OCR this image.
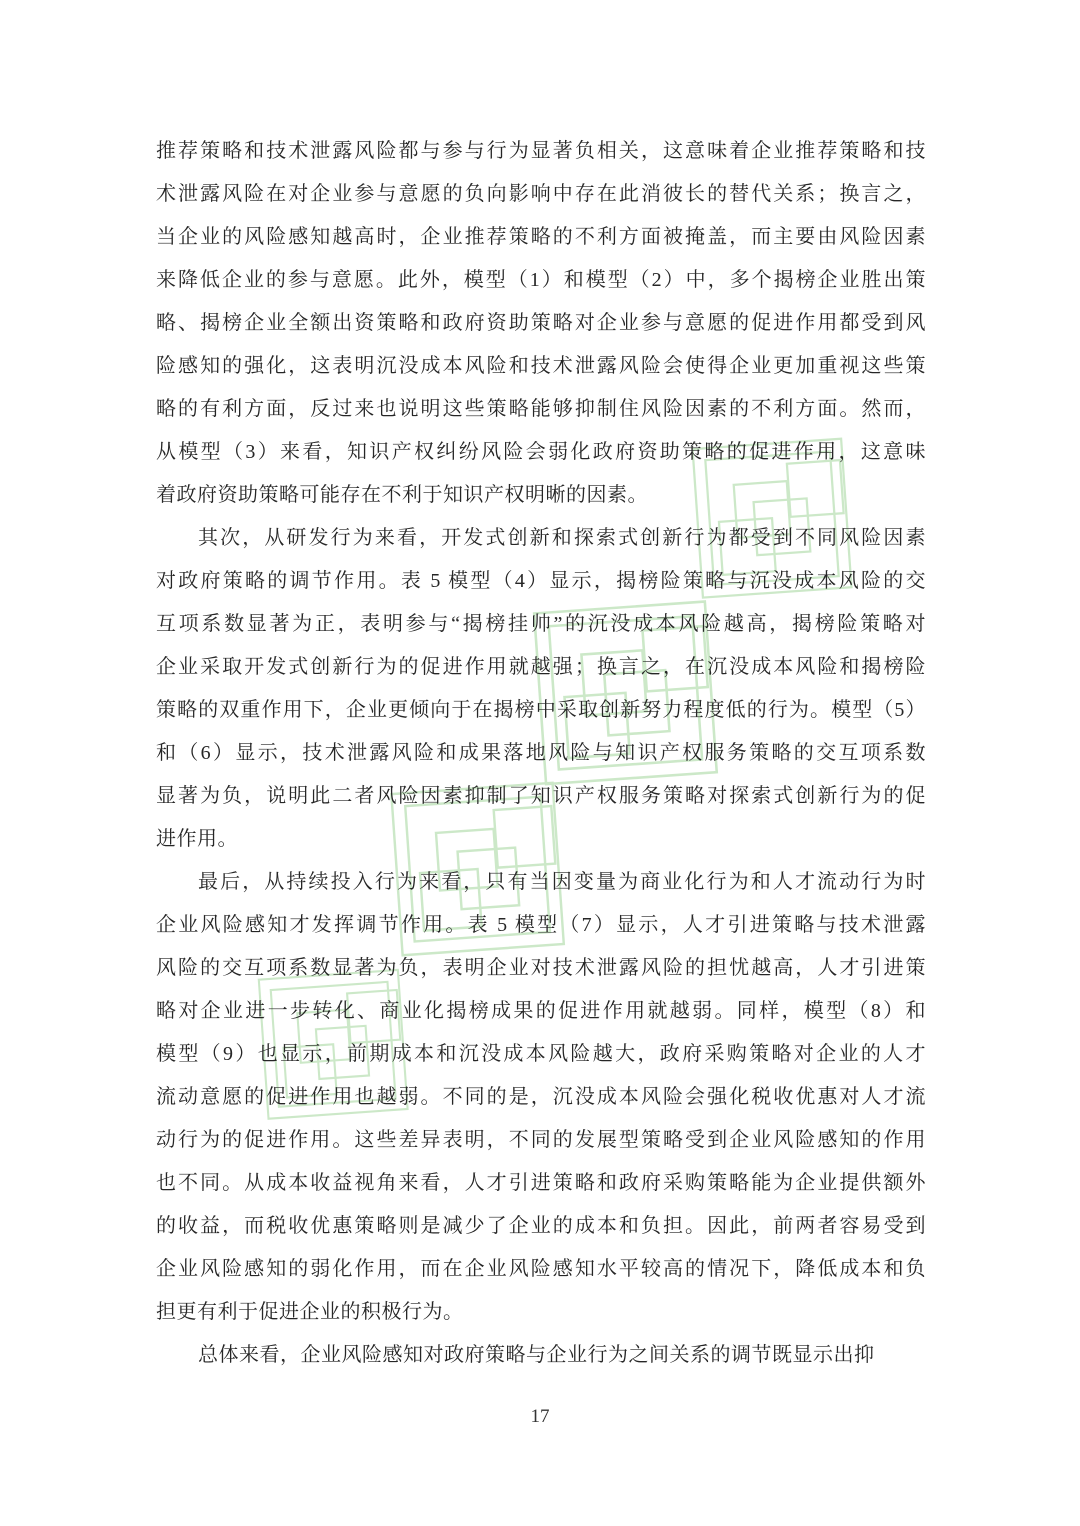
推荐策略和技术泄露风险都与参与行为显著负相关，这意味着企业推荐策略和技
术泄露风险在对企业参与意愿的负向影响中存在此消彼长的替代关系；换言之，
当企业的风险感知越高时，企业推荐策略的不利方面被掩盖，而主要由风险因素
来降低企业的参与意愿。此外，模型（1）和模型（2）中，多个揭榜企业胜出策
略、揭榜企业全额出资策略和政府资助策略对企业参与意愿的促进作用都受到风
险感知的强化，这表明沉没成本风险和技术泄露风险会使得企业更加重视这些策
略的有利方面，反过来也说明这些策略能够抑制住风险因素的不利方面。然而，
从模型（3）来看，知识产权纠纷风险会弱化政府资助策略的促进作用，这意味
着政府资助策略可能存在不利于知识产权明晰的因素。
其次，从研发行为来看，开发式创新和探索式创新行为都受到不同风险因素
对政府策略的调节作用。表 5 模型（4）显示，揭榜险策略与沉没成本风险的交
互项系数显著为正，表明参与“揭榜挂帅”的沉没成本风险越高，揭榜险策略对
企业采取开发式创新行为的促进作用就越强；换言之，在沉没成本风险和揭榜险
策略的双重作用下，企业更倾向于在揭榜中采取创新努力程度低的行为。模型（5）
和（6）显示，技术泄露风险和成果落地风险与知识产权服务策略的交互项系数
显著为负，说明此二者风险因素抑制了知识产权服务策略对探索式创新行为的促
进作用。
最后，从持续投入行为来看，只有当因变量为商业化行为和人才流动行为时
企业风险感知才发挥调节作用。表 5 模型（7）显示，人才引进策略与技术泄露
风险的交互项系数显著为负，表明企业对技术泄露风险的担忧越高，人才引进策
略对企业进一步转化、商业化揭榜成果的促进作用就越弱。同样，模型（8）和
模型（9）也显示，前期成本和沉没成本风险越大，政府采购策略对企业的人才
流动意愿的促进作用也越弱。不同的是，沉没成本风险会强化税收优惠对人才流
动行为的促进作用。这些差异表明，不同的发展型策略受到企业风险感知的作用
也不同。从成本收益视角来看，人才引进策略和政府采购策略能为企业提供额外
的收益，而税收优惠策略则是减少了企业的成本和负担。因此，前两者容易受到
企业风险感知的弱化作用，而在企业风险感知水平较高的情况下，降低成本和负
担更有利于促进企业的积极行为。
总体来看，企业风险感知对政府策略与企业行为之间关系的调节既显示出抑
17
